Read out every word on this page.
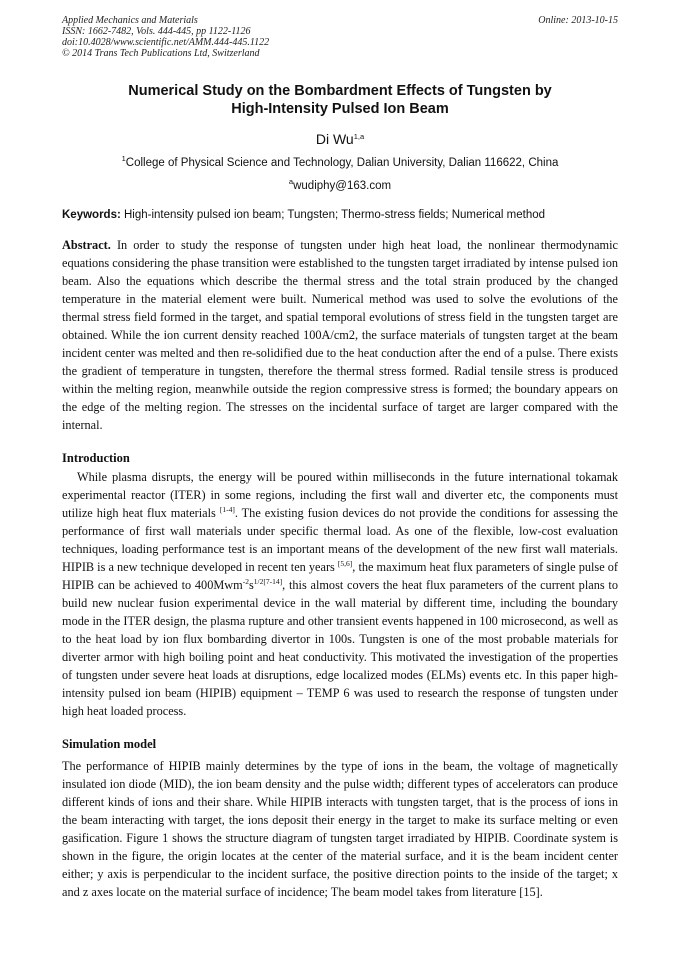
Applied Mechanics and Materials
ISSN: 1662-7482, Vols. 444-445, pp 1122-1126
doi:10.4028/www.scientific.net/AMM.444-445.1122
© 2014 Trans Tech Publications Ltd, Switzerland
Online: 2013-10-15
Numerical Study on the Bombardment Effects of Tungsten by
High-Intensity Pulsed Ion Beam
Di Wu$^{1,a}$
$^1$College of Physical Science and Technology, Dalian University, Dalian 116622, China
$^a$wudiphy@163.com
Keywords: High-intensity pulsed ion beam; Tungsten; Thermo-stress fields; Numerical method
Abstract. In order to study the response of tungsten under high heat load, the nonlinear thermodynamic equations considering the phase transition were established to the tungsten target irradiated by intense pulsed ion beam. Also the equations which describe the thermal stress and the total strain produced by the changed temperature in the material element were built. Numerical method was used to solve the evolutions of the thermal stress field formed in the target, and spatial temporal evolutions of stress field in the tungsten target are obtained. While the ion current density reached 100A/cm2, the surface materials of tungsten target at the beam incident center was melted and then re-solidified due to the heat conduction after the end of a pulse. There exists the gradient of temperature in tungsten, therefore the thermal stress formed. Radial tensile stress is produced within the melting region, meanwhile outside the region compressive stress is formed; the boundary appears on the edge of the melting region. The stresses on the incidental surface of target are larger compared with the internal.
Introduction
While plasma disrupts, the energy will be poured within milliseconds in the future international tokamak experimental reactor (ITER) in some regions, including the first wall and diverter etc, the components must utilize high heat flux materials [1-4]. The existing fusion devices do not provide the conditions for assessing the performance of first wall materials under specific thermal load. As one of the flexible, low-cost evaluation techniques, loading performance test is an important means of the development of the new first wall materials. HIPIB is a new technique developed in recent ten years [5,6], the maximum heat flux parameters of single pulse of HIPIB can be achieved to $400Mwm^{-2}s^{1/2[7-14]}$, this almost covers the heat flux parameters of the current plans to build new nuclear fusion experimental device in the wall material by different time, including the boundary mode in the ITER design, the plasma rupture and other transient events happened in 100 microsecond, as well as to the heat load by ion flux bombarding divertor in 100s. Tungsten is one of the most probable materials for diverter armor with high boiling point and heat conductivity. This motivated the investigation of the properties of tungsten under severe heat loads at disruptions, edge localized modes (ELMs) events etc. In this paper high-intensity pulsed ion beam (HIPIB) equipment – TEMP 6 was used to research the response of tungsten under high heat loaded process.
Simulation model
The performance of HIPIB mainly determines by the type of ions in the beam, the voltage of magnetically insulated ion diode (MID), the ion beam density and the pulse width; different types of accelerators can produce different kinds of ions and their share. While HIPIB interacts with tungsten target, that is the process of ions in the beam interacting with target, the ions deposit their energy in the target to make its surface melting or even gasification. Figure 1 shows the structure diagram of tungsten target irradiated by HIPIB. Coordinate system is shown in the figure, the origin locates at the center of the material surface, and it is the beam incident center either; y axis is perpendicular to the incident surface, the positive direction points to the inside of the target; x and z axes locate on the material surface of incidence; The beam model takes from literature [15].
